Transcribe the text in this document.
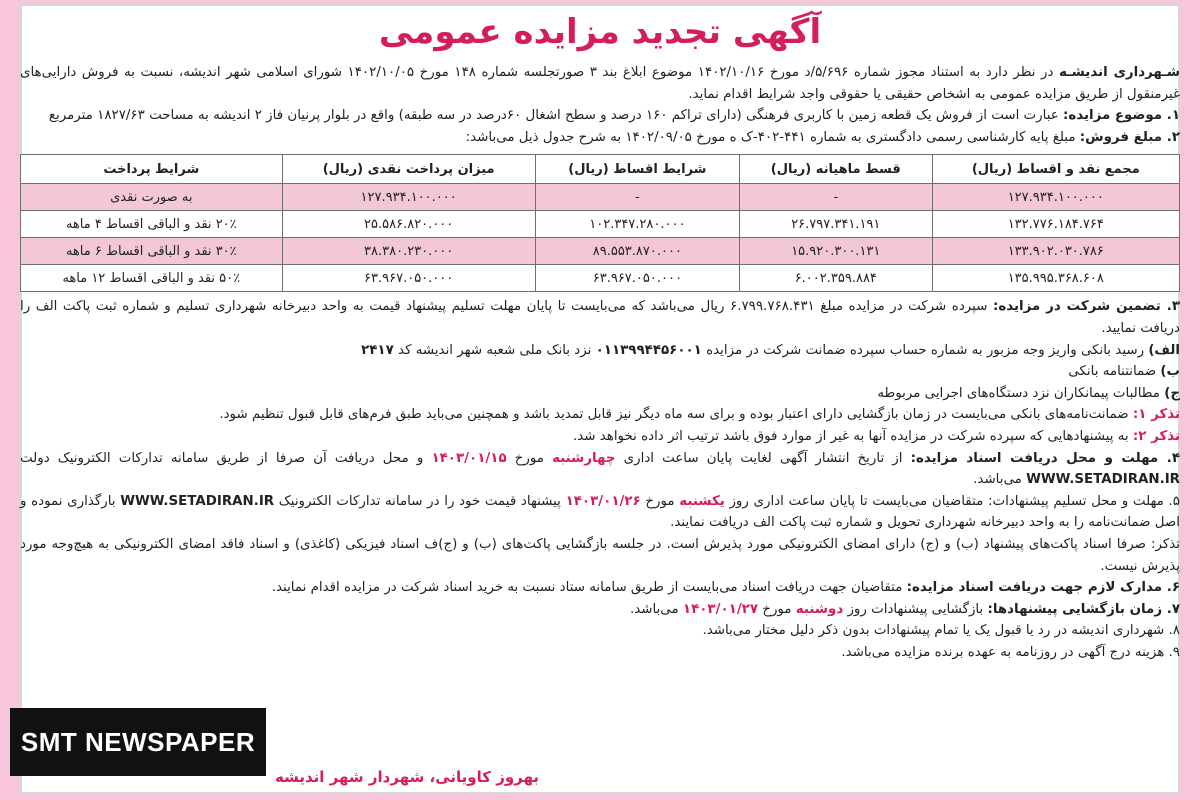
آگهی تجدید مزایده عمومی

شـهرداری اندیشـه در نظر دارد به استناد مجوز شماره ۵/۶۹۶/د مورخ ۱۴۰۲/۱۰/۱۶ موضوع ابلاغ بند ۳ صورتجلسه شماره ۱۴۸ مورخ ۱۴۰۲/۱۰/۰۵ شورای اسلامی شهر اندیشه، نسبت به فروش دارایی‌های غیرمنقول از طریق مزایده عمومی به اشخاص حقیقی یا حقوقی واجد شرایط اقدام نماید.

۱. موضوع مزایده: عبارت است از فروش یک قطعه زمین با کاربری فرهنگی (دارای تراکم ۱۶۰ درصد و سطح اشغال ۶۰درصد در سه طبقه) واقع در بلوار پرنیان فاز ۲ اندیشه به مساحت ۱۸۲۷/۶۳ مترمربع

۲. مبلغ فروش: مبلغ پایه کارشناسی رسمی دادگستری به شماره ۴۴۱-۴۰۲-ک ه مورخ ۱۴۰۲/۰۹/۰۵ به شرح جدول ذیل می‌باشد:

مجمع نقد و اقساط (ریال)	قسط ماهیانه (ریال)	شرایط اقساط (ریال)	میزان پرداخت نقدی (ریال)	شرایط پرداخت
۱۲۷.۹۳۴.۱۰۰.۰۰۰	-	-	۱۲۷.۹۳۴.۱۰۰.۰۰۰	به صورت نقدی
۱۳۲.۷۷۶.۱۸۴.۷۶۴	۲۶.۷۹۷.۳۴۱.۱۹۱	۱۰۲.۳۴۷.۲۸۰.۰۰۰	۲۵.۵۸۶.۸۲۰.۰۰۰	۲۰٪ نقد و الباقی اقساط ۴ ماهه
۱۳۳.۹۰۲.۰۳۰.۷۸۶	۱۵.۹۲۰.۳۰۰.۱۳۱	۸۹.۵۵۳.۸۷۰.۰۰۰	۳۸.۳۸۰.۲۳۰.۰۰۰	۳۰٪ نقد و الباقی اقساط ۶ ماهه
۱۳۵.۹۹۵.۳۶۸.۶۰۸	۶.۰۰۲.۳۵۹.۸۸۴	۶۳.۹۶۷.۰۵۰.۰۰۰	۶۳.۹۶۷.۰۵۰.۰۰۰	۵۰٪ نقد و الباقی اقساط ۱۲ ماهه

۳. تضمین شرکت در مزایده: سپرده شرکت در مزایده مبلغ ۶.۷۹۹.۷۶۸.۴۳۱ ریال می‌باشد که می‌بایست تا پایان مهلت تسلیم پیشنهاد قیمت به واحد دبیرخانه شهرداری تسلیم و شماره ثبت پاکت الف را دریافت نمایید.

الف) رسید بانکی واریز وجه مزبور به شماره حساب سپرده ضمانت شرکت در مزایده ۰۱۱۳۹۹۴۴۵۶۰۰۱ نزد بانک ملی شعبه شهر اندیشه کد ۲۴۱۷

ب) ضمانتنامه بانکی

ج) مطالبات پیمانکاران نزد دستگاه‌های اجرایی مربوطه

تذکر ۱: ضمانت‌نامه‌های بانکی می‌بایست در زمان بازگشایی دارای اعتبار بوده و برای سه ماه دیگر نیز قابل تمدید باشد و همچنین می‌باید طبق فرم‌های قابل قبول تنظیم شود.

تذکر ۲: به پیشنهادهایی که سپرده شرکت در مزایده آنها به غیر از موارد فوق باشد ترتیب اثر داده نخواهد شد.

۴. مهلت و محل دریافت اسناد مزایده: از تاریخ انتشار آگهی لغایت پایان ساعت اداری چهارشنبه مورخ ۱۴۰۳/۰۱/۱۵ و محل دریافت آن صرفا از طریق سامانه تدارکات الکترونیک دولت WWW.SETADIRAN.IR می‌باشد.

۵. مهلت و محل تسلیم پیشنهادات: متقاضیان می‌بایست تا پایان ساعت اداری روز یکشنبه مورخ ۱۴۰۳/۰۱/۲۶ پیشنهاد قیمت خود را در سامانه تدارکات الکترونیک WWW.SETADIRAN.IR بارگذاری نموده و اصل ضمانت‌نامه را به واحد دبیرخانه شهرداری تحویل و شماره ثبت پاکت الف دریافت نمایند.

تذکر: صرفا اسناد پاکت‌های پیشنهاد (ب) و (ج) دارای امضای الکترونیکی مورد پذیرش است. در جلسه بازگشایی پاکت‌های (ب) و (ج)ف اسناد فیزیکی (کاغذی) و اسناد فاقد امضای الکترونیکی به هیچ‌وجه مورد پذیرش نیست.

۶. مدارک لازم جهت دریافت اسناد مزایده: متقاضیان جهت دریافت اسناد می‌بایست از طریق سامانه ستاد نسبت به خرید اسناد شرکت در مزایده اقدام نمایند.

۷. زمان بازگشایی پیشنهادها: بازگشایی پیشنهادات روز دوشنبه مورخ ۱۴۰۳/۰۱/۲۷ می‌باشد.

۸. شهرداری اندیشه در رد یا قبول یک یا تمام پیشنهادات بدون ذکر دلیل مختار می‌باشد.

۹. هزینه درج آگهی در روزنامه به عهده برنده مزایده می‌باشد.

بهروز کاویانی، شهردار شهر اندیشه
SMT NEWSPAPER
